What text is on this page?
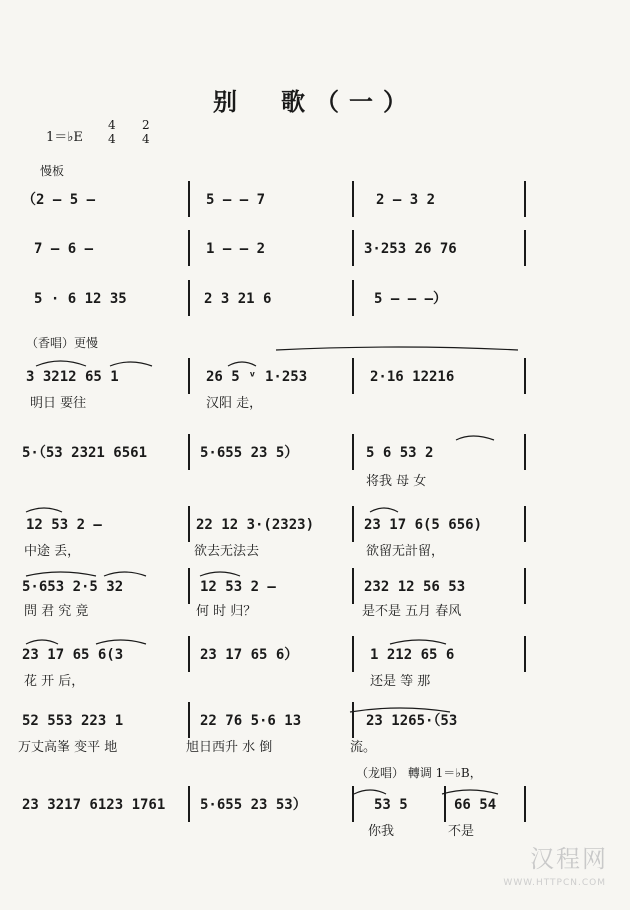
别　歌（一）
1＝♭E
4
4
2
4
慢板
（2 — 5 —	5 — — 7	2 — 3 2
7 — 6 —	1 — — 2	3·253 26 76
5 · 6 12 35	2 3 21 6	5 — — —）
（香唱）更慢
3 3212 65 1	26 5 ᵛ 1·253	2·16 12216
明日 要往	汉阳 走，
5·（53 2321 6561	5·655 23 5）	5 6 53 2
将我 母 女
12 53 2 —	22 12 3·(2323)	23 17 6(5 656)
中途 丢，	欲去无法去	欲留无計留，
5·653 2·5 32	12 53 2 —	232 12 56 53
問 君 究 竟	何 时 归？	是不是 五月 春风
23 17 65 6(3	23 17 65 6）	1 212 65 6
花 开 后，	还是 等 那
52 553 223 1	22 76 5·6 13	23 1265·（53
万丈高峯 变平 地	旭日西升 水 倒	流。
（龙唱） 轉调 1＝♭B，
23 3217 6123 1761 5·655 23 53）	53 5	66 54
你我	不是
汉程网
WWW.HTTPCN.COM
